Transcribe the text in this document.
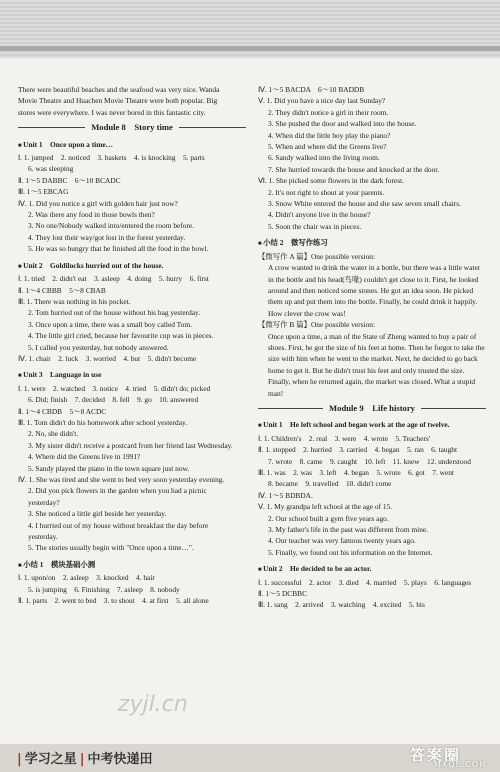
There were beautiful beaches and the seafood was very nice. Wanda
Movie Theatre and Huachen Movie Theatre were both popular. Big
stores were everywhere. I was never bored in this fantastic city.
Module 8　Story time
■ Unit 1　Once upon a time…
Ⅰ. 1. jumped　2. noticed　3. baskets　4. is knocking　5. parts
6. was sleeping
Ⅱ. 1～5 DABBC　6～10 BCADC
Ⅲ. 1～5 EBCAG
Ⅳ. 1. Did you notice a girl with golden hair just now?
2. Was there any food in those bowls then?
3. No one/Nobody walked into/entered the room before.
4. They lost their way/got lost in the forest yesterday.
5. He was so hungry that he finished all the food in the bowl.
■ Unit 2　Goldilocks hurried out of the house.
Ⅰ. 1. tried　2. didn't eat　3. asleep　4. doing　5. hurry　6. first
Ⅱ. 1～4 CBBB　5～8 CBAB
Ⅲ. 1. There was nothing in his pocket.
2. Tom hurried out of the house without his bag yesterday.
3. Once upon a time, there was a small boy called Tom.
4. The little girl cried, because her favourite cup was in pieces.
5. I called you yesterday, but nobody answered.
Ⅳ. 1. chair　2. luck　3. worried　4. but　5. didn't become
■ Unit 3　Language in use
Ⅰ. 1. were　2. watched　3. notice　4. tried　5. didn't do; picked
6. Did; finish　7. decided　8. fell　9. go　10. answered
Ⅱ. 1～4 CBDB　5～8 ACDC
Ⅲ. 1. Tom didn't do his homework after school yesterday.
2. No, she didn't.
3. My sister didn't receive a postcard from her friend last Wednesday.
4. Where did the Greens live in 1991?
5. Sandy played the piano in the town square just now.
Ⅳ. 1. She was tired and she went to bed very soon yesterday evening.
2. Did you pick flowers in the garden when you had a picnic
yesterday?
3. She noticed a little girl beside her yesterday.
4. I hurried out of my house without breakfast the day before
yesterday.
5. The stories usually begin with "Once upon a time…".
■ 小结 1　模块基础小测
Ⅰ. 1. upon/on　2. asleep　3. knocked　4. hair
5. is jumping　6. Finishing　7. asleep　8. nobody
Ⅱ. 1. parts　2. went to bed　3. to shout　4. at first　5. all alone
Ⅳ. 1～5 BACDA　6～10 BADDB
Ⅴ. 1. Did you have a nice day last Sunday?
2. They didn't notice a girl in their room.
3. She pushed the door and walked into the house.
4. When did the little boy play the piano?
5. When and where did the Greens live?
6. Sandy walked into the living room.
7. She hurried towards the house and knocked at the door.
Ⅵ. 1. She picked some flowers in the dark forest.
2. It's not right to shout at your parents.
3. Snow White entered the house and she saw seven small chairs.
4. Didn't anyone live in the house?
5. Soon the chair was in pieces.
■ 小结 2　微写作练习
【微写作 A 篇】One possible version:
A crow wanted to drink the water in a bottle, but there was a little water in the bottle and his head(鸟喙) couldn't get close to it. First, he looked around and then noticed some stones. He got an idea soon. He picked them up and put them into the bottle. Finally, he could drink it happily. How clever the crow was!
【微写作 B 篇】One possible version:
Once upon a time, a man of the State of Zheng wanted to buy a pair of shoes. First, he got the size of his feet at home. Then he forgot to take the size with him when he went to the market. Next, he decided to go back home to get it. But he didn't trust his feet and only trusted the size. Finally, when he returned again, the market was closed. What a stupid man!
Module 9　Life history
■ Unit 1　He left school and began work at the age of twelve.
Ⅰ. 1. Children's　2. real　3. were　4. wrote　5. Teachers'
Ⅱ. 1. stopped　2. hurried　3. carried　4. began　5. ran　6. taught
7. wrote　8. came　9. caught　10. left　11. knew　12. understood
Ⅲ. 1. was　2. was　3. left　4. began　5. wrote　6. got　7. went
8. became　9. travelled　10. didn't come
Ⅳ. 1～5 BDBDA.
Ⅴ. 1. My grandpa left school at the age of 15.
2. Our school built a gym five years ago.
3. My father's life in the past was different from mine.
4. Our teacher was very famous twenty years ago.
5. Finally, we found out his information on the Internet.
■ Unit 2　He decided to be an actor.
Ⅰ. 1. successful　2. actor　3. died　4. married　5. plays　6. languages
Ⅱ. 1～5 DCBBC
Ⅲ. 1. sang　2. arrived　3. watching　4. excited　5. his
zyjl.cn
| 学习之星 | 中考快递田	答案圈
MXQE.COM
